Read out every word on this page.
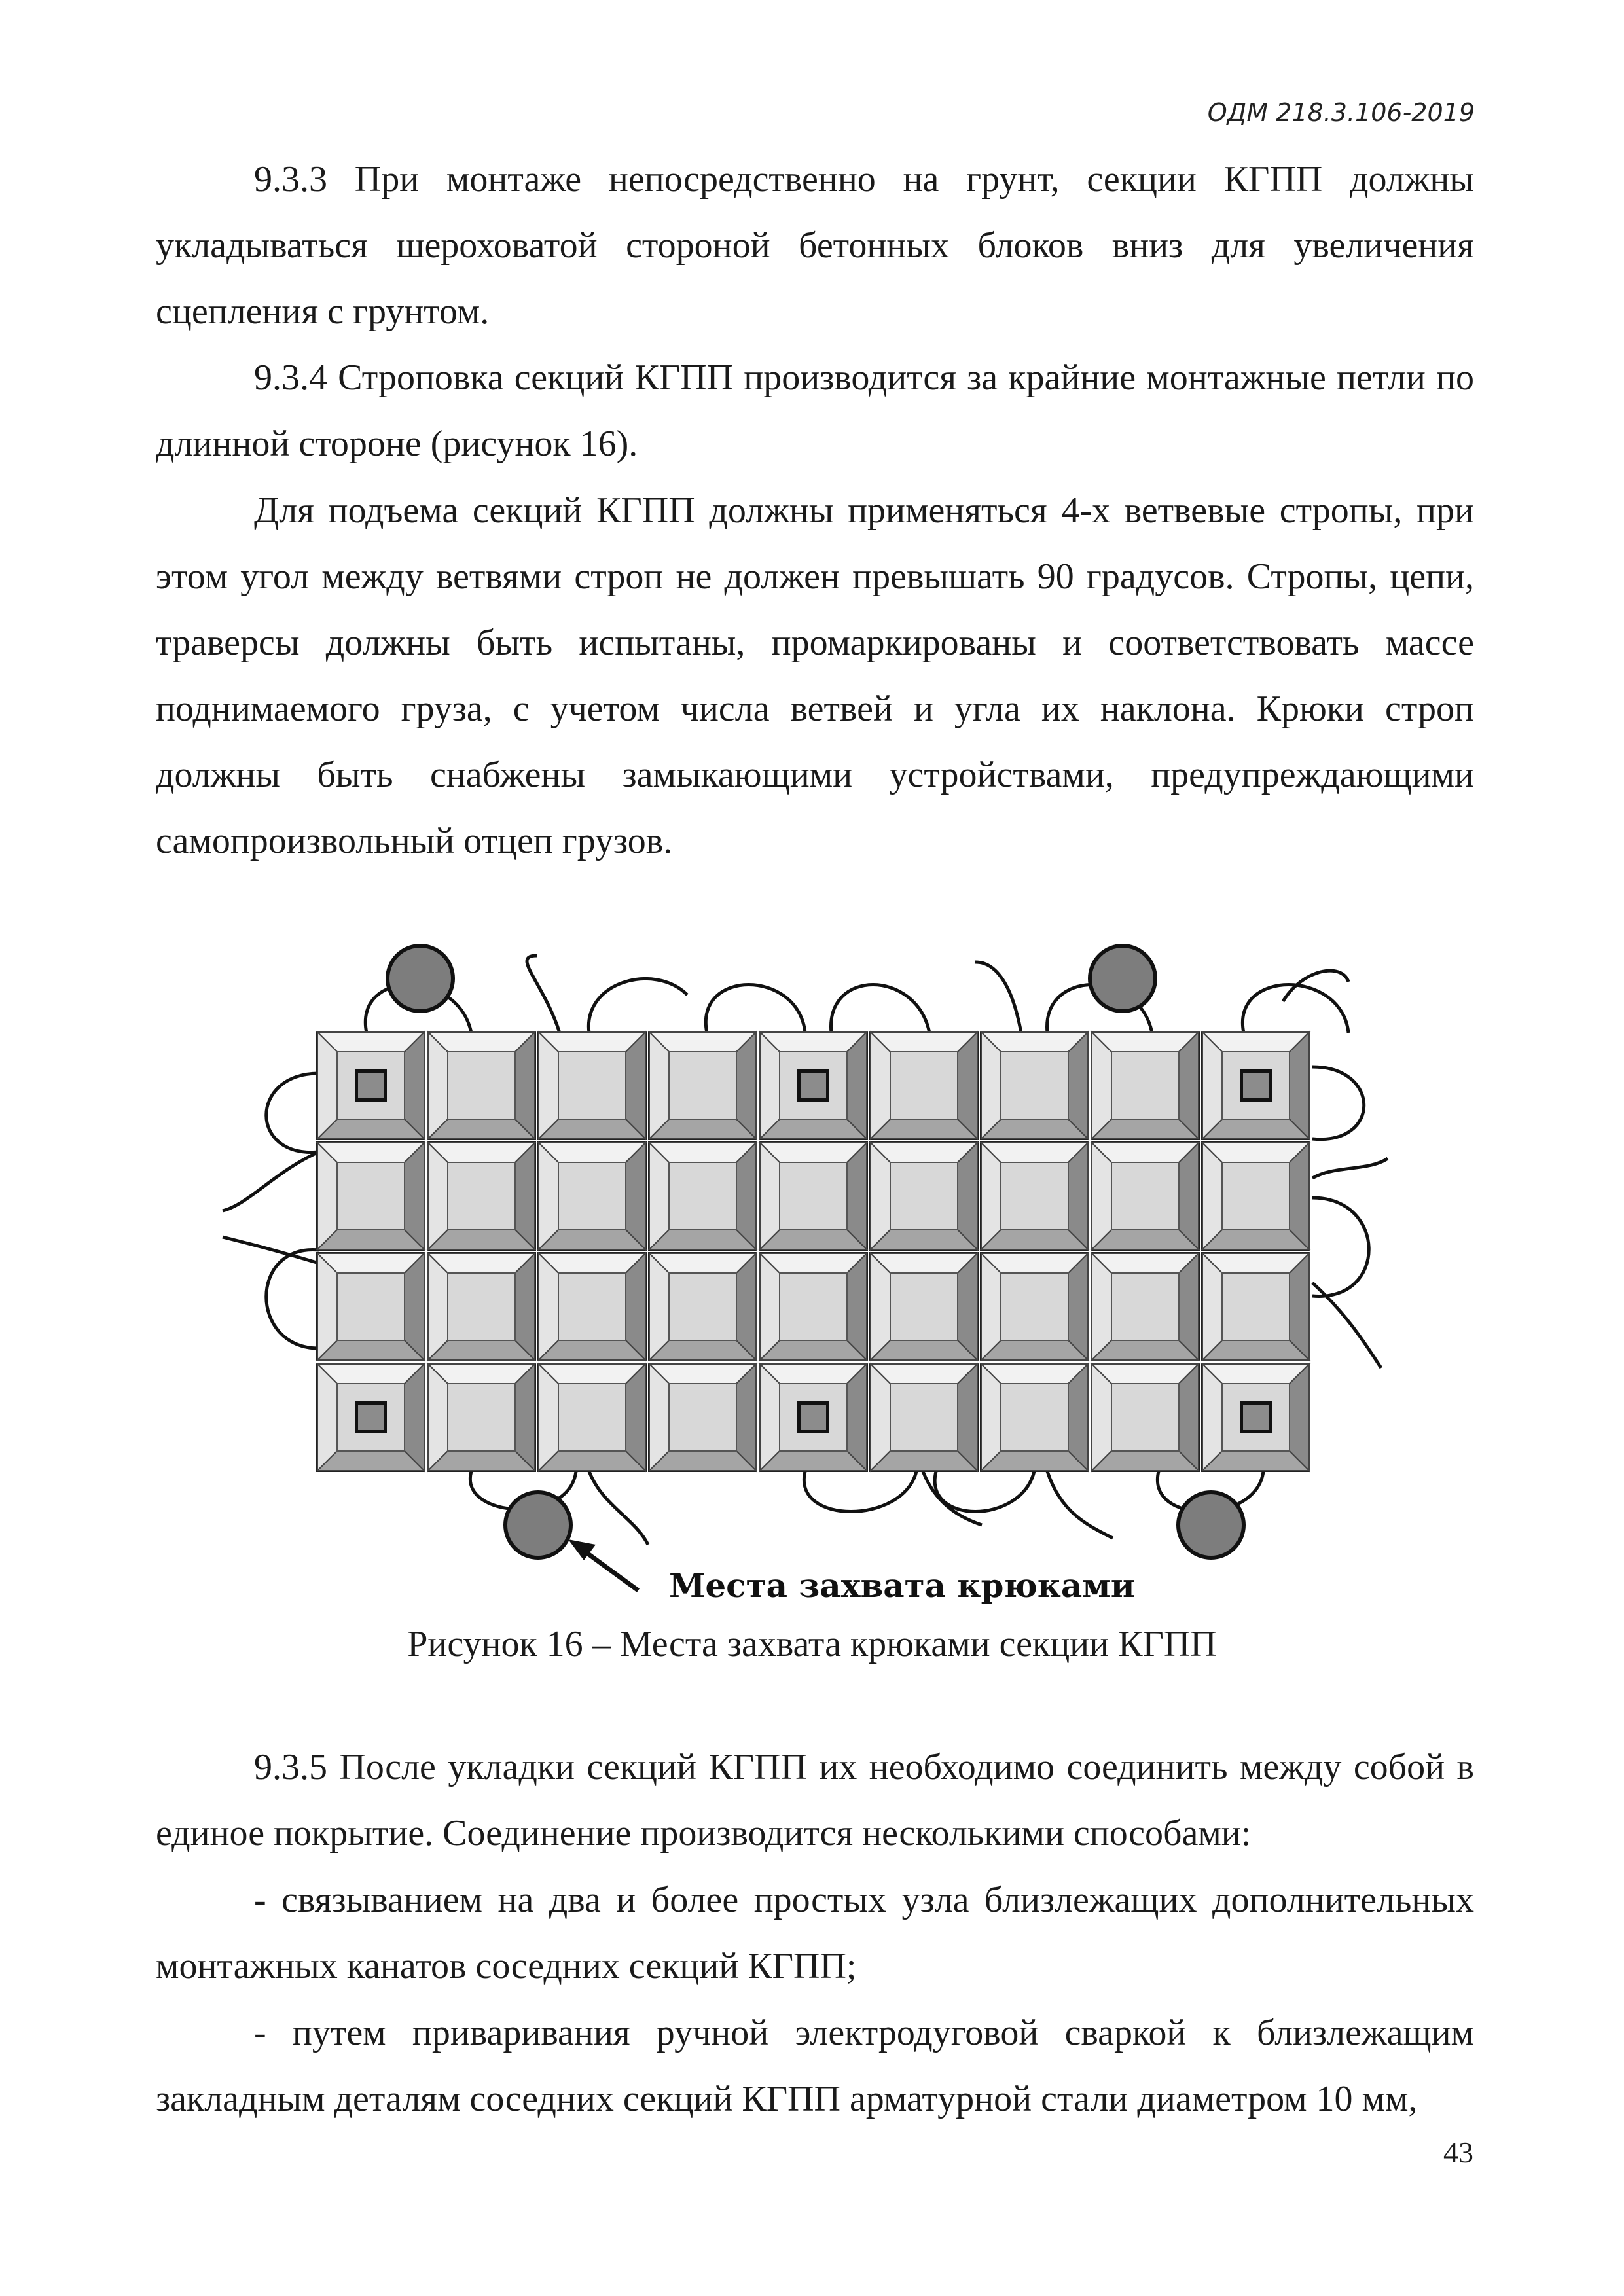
ОДМ 218.3.106-2019

9.3.3 При монтаже непосредственно на грунт, секции КГПП должны укладываться шероховатой стороной бетонных блоков вниз для увеличения сцепления с грунтом.

9.3.4 Строповка секций КГПП производится за крайние монтажные петли по длинной стороне (рисунок 16).

Для подъема секций КГПП должны применяться 4-х ветвевые стропы, при этом угол между ветвями строп не должен превышать 90 градусов. Стропы, цепи, траверсы должны быть испытаны, промаркированы и соответствовать массе поднимаемого груза, с учетом числа ветвей и угла их наклона. Крюки строп должны быть снабжены замыкающими устройствами, предупреждающими самопроизвольный отцеп грузов.

Места захвата крюками
Рисунок 16 – Места захвата крюками секции КГПП

9.3.5 После укладки секций КГПП их необходимо соединить между собой в единое покрытие. Соединение производится несколькими способами:

- связыванием на два и более простых узла близлежащих дополнительных монтажных канатов соседних секций КГПП;

- путем приваривания ручной электродуговой сваркой к близлежащим закладным деталям соседних секций КГПП арматурной стали диаметром 10 мм,

43
